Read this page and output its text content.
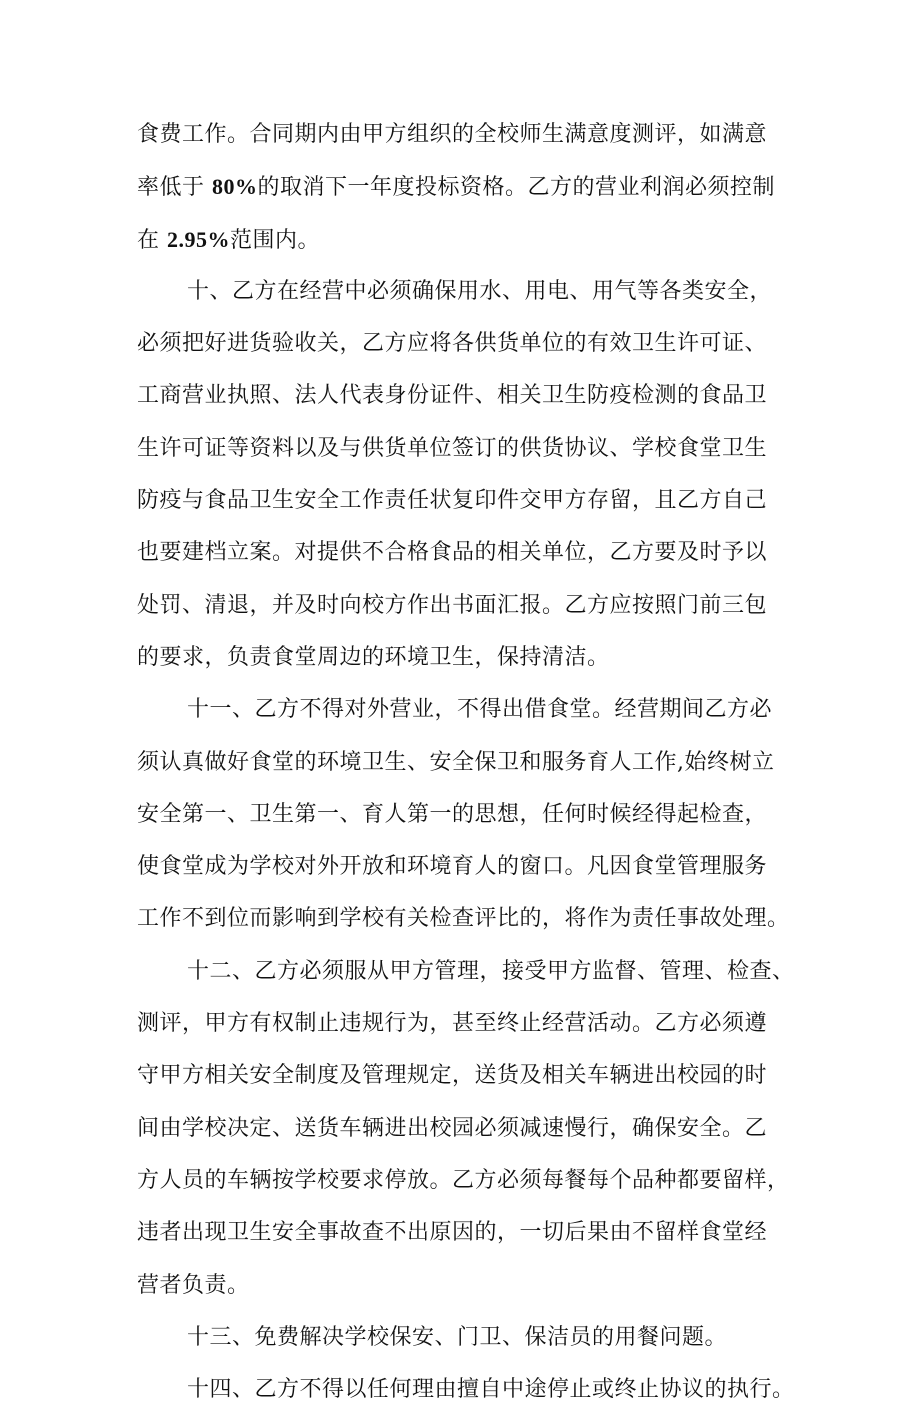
食费工作。合同期内由甲方组织的全校师生满意度测评，如满意
率低于 80%的取消下一年度投标资格。乙方的营业利润必须控制
在 2.95%范围内。
十、乙方在经营中必须确保用水、用电、用气等各类安全，
必须把好进货验收关，乙方应将各供货单位的有效卫生许可证、
工商营业执照、法人代表身份证件、相关卫生防疫检测的食品卫
生许可证等资料以及与供货单位签订的供货协议、学校食堂卫生
防疫与食品卫生安全工作责任状复印件交甲方存留，且乙方自己
也要建档立案。对提供不合格食品的相关单位，乙方要及时予以
处罚、清退，并及时向校方作出书面汇报。乙方应按照门前三包
的要求，负责食堂周边的环境卫生，保持清洁。
十一、乙方不得对外营业，不得出借食堂。经营期间乙方必
须认真做好食堂的环境卫生、安全保卫和服务育人工作,始终树立
安全第一、卫生第一、育人第一的思想，任何时候经得起检查，
使食堂成为学校对外开放和环境育人的窗口。凡因食堂管理服务
工作不到位而影响到学校有关检查评比的，将作为责任事故处理。
十二、乙方必须服从甲方管理，接受甲方监督、管理、检查、
测评，甲方有权制止违规行为，甚至终止经营活动。乙方必须遵
守甲方相关安全制度及管理规定，送货及相关车辆进出校园的时
间由学校决定、送货车辆进出校园必须减速慢行，确保安全。乙
方人员的车辆按学校要求停放。乙方必须每餐每个品种都要留样，
违者出现卫生安全事故查不出原因的，一切后果由不留样食堂经
营者负责。
十三、免费解决学校保安、门卫、保洁员的用餐问题。
十四、乙方不得以任何理由擅自中途停止或终止协议的执行。
